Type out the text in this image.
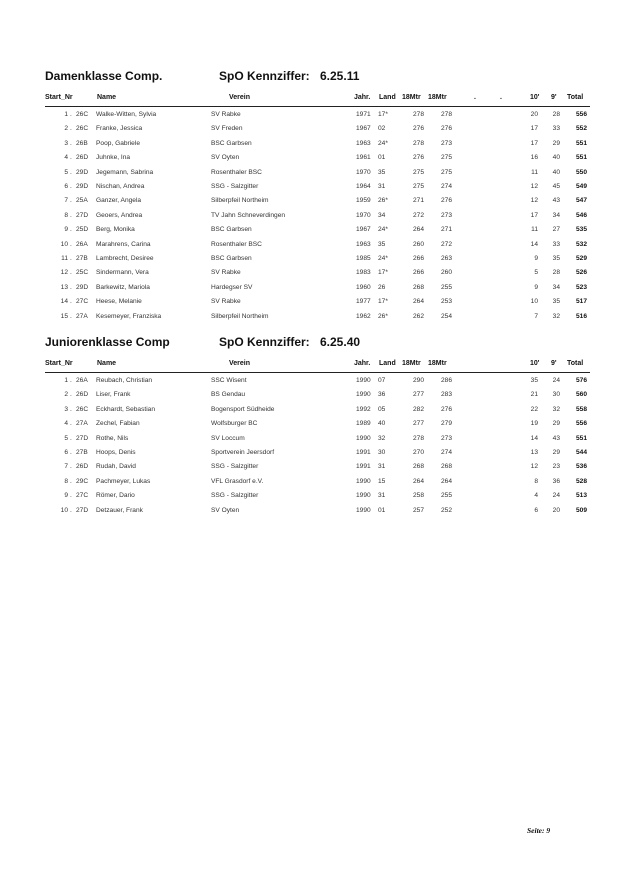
Damenklasse Comp.	SpO Kennziffer: 6.25.11
Start_Nr	Name	Verein	Jahr. Land 18Mtr 18Mtr	.	.	10' 9' Total
1 . 26C Walke-Witten, Sylvia	SV Rabke	1971 17*	278	278	20	28	556
2 . 26C Franke, Jessica	SV Freden	1967 02	276	276	17	33	552
3 . 26B Poop, Gabriele	BSC Garbsen	1963 24*	278	273	17	29	551
4 . 26D Juhnke, Ina	SV Oyten	1961 01	276	275	16	40	551
5 . 29D Jegemann, Sabrina	Rosenthaler BSC	1970 35	275	275	11	40	550
6 . 29D Nischan, Andrea	SSG - Salzgitter	1964 31	275	274	12	45	549
7 . 25A Ganzer, Angela	Silberpfeil Northeim	1959 26*	271	276	12	43	547
8 . 27D Geoers, Andrea	TV Jahn Schneverdingen	1970 34	272	273	17	34	546
9 . 25D Berg, Monika	BSC Garbsen	1967 24*	264	271	11	27	535
10 . 26A Marahrens, Carina	Rosenthaler BSC	1963 35	260	272	14	33	532
11 . 27B Lambrecht, Desiree	BSC Garbsen	1985 24*	266	263	9	35	529
12 . 25C Sindermann, Vera	SV Rabke	1983 17*	266	260	5	28	526
13 . 29D Barkewitz, Mariola	Hardegser SV	1960 26	268	255	9	34	523
14 . 27C Heese, Melanie	SV Rabke	1977 17*	264	253	10	35	517
15 . 27A Kesemeyer, Franziska	Silberpfeil Northeim	1962 26*	262	254	7	32	516
Juniorenklasse Comp	SpO Kennziffer: 6.25.40
Start_Nr	Name	Verein	Jahr. Land 18Mtr 18Mtr	10' 9' Total
1 . 26A Reubach, Christian	SSC Wisent	1990 07	290	286	35	24	576
2 . 26D Liser, Frank	BS Gendau	1990 36	277	283	21	30	560
3 . 26C Eckhardt, Sebastian	Bogensport Südheide	1992 05	282	276	22	32	558
4 . 27A Zechel, Fabian	Wolfsburger BC	1989 40	277	279	19	29	556
5 . 27D Rothe, Nils	SV Loccum	1990 32	278	273	14	43	551
6 . 27B Hoops, Denis	Sportverein Jeersdorf	1991 30	270	274	13	29	544
7 . 26D Rudah, David	SSG - Salzgitter	1991 31	268	268	12	23	536
8 . 29C Pachmeyer, Lukas	VFL Grasdorf e.V.	1990 15	264	264	8	36	528
9 . 27C Römer, Dario	SSG - Salzgitter	1990 31	258	255	4	24	513
10 . 27D Detzauer, Frank	SV Oyten	1990 01	257	252	6	20	509
Seite: 9
